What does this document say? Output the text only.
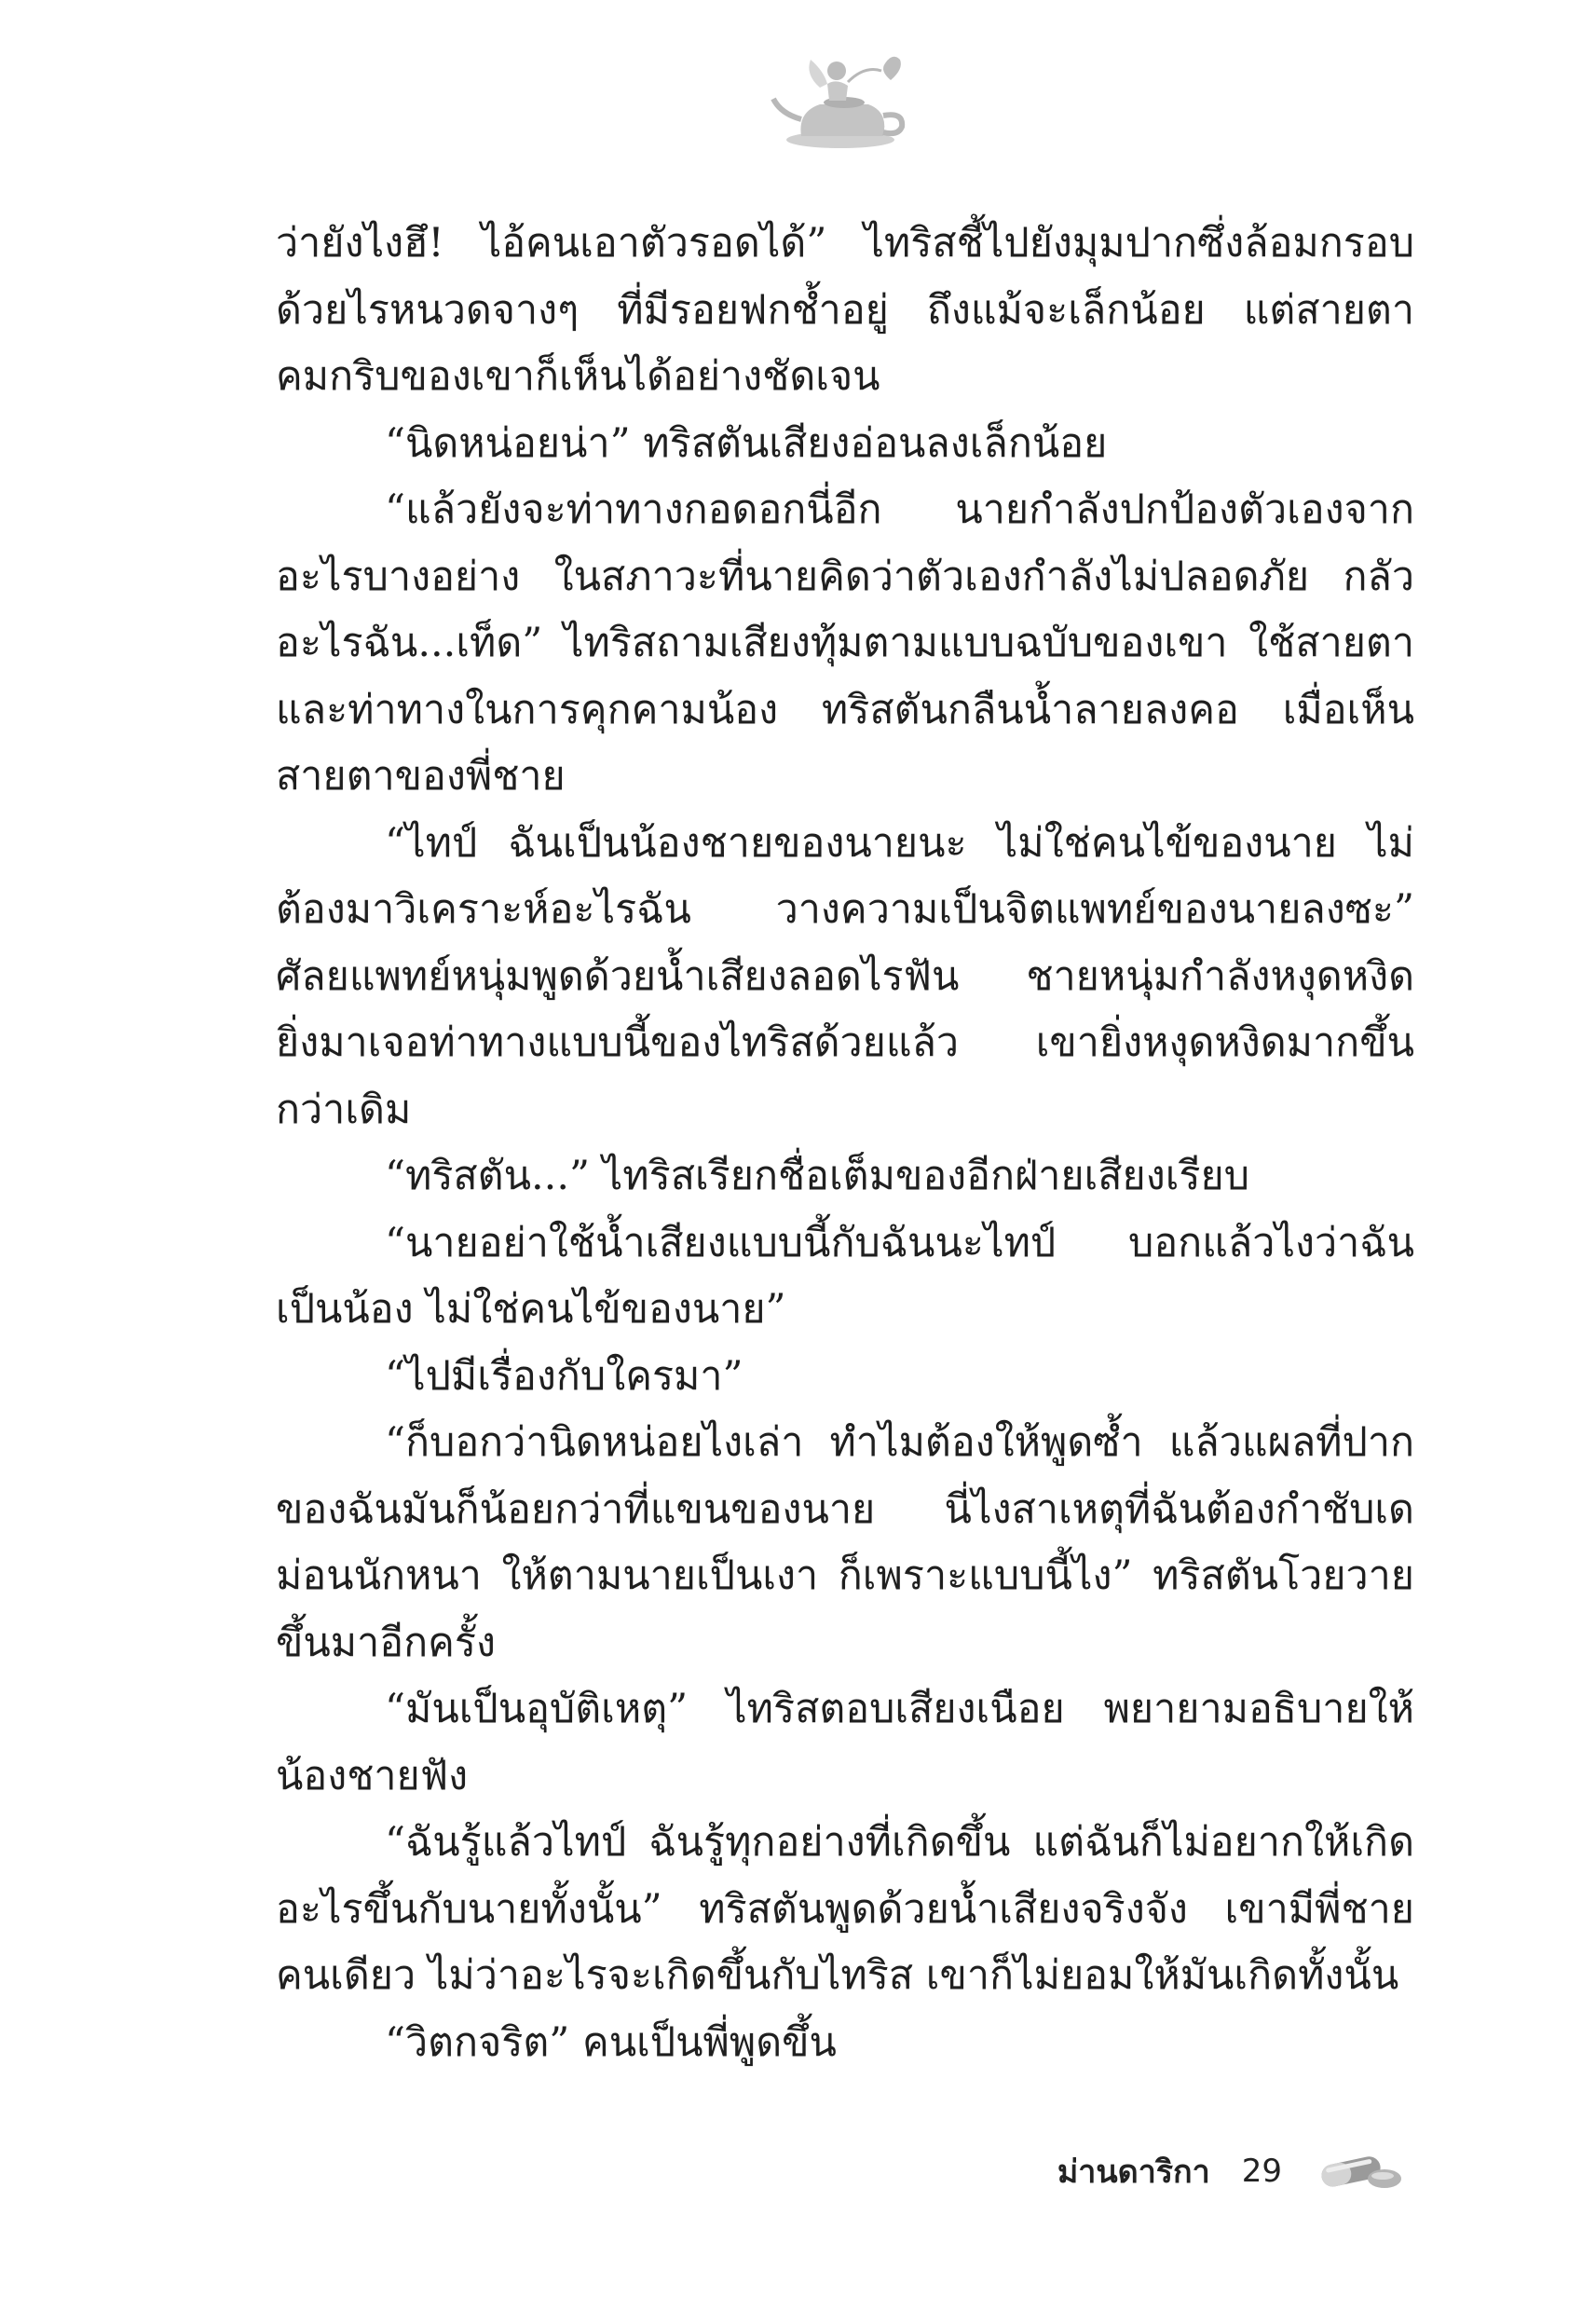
ว่ายังไงฮึ! ไอ้คนเอาตัวรอดได้” ไทริสชี้ไปยังมุมปากซึ่งล้อมกรอบด้วยไรหนวดจางๆ ที่มีรอยฟกช้ำอยู่ ถึงแม้จะเล็กน้อย แต่สายตาคมกริบของเขาก็เห็นได้อย่างชัดเจน

“นิดหน่อยน่า” ทริสตันเสียงอ่อนลงเล็กน้อย

“แล้วยังจะท่าทางกอดอกนี่อีก นายกำลังปกป้องตัวเองจากอะไรบางอย่าง ในสภาวะที่นายคิดว่าตัวเองกำลังไม่ปลอดภัย กลัวอะไรฉัน...เท็ด” ไทริสถามเสียงทุ้มตามแบบฉบับของเขา ใช้สายตาและท่าทางในการคุกคามน้อง ทริสตันกลืนน้ำลายลงคอ เมื่อเห็นสายตาของพี่ชาย

“ไทป์ ฉันเป็นน้องชายของนายนะ ไม่ใช่คนไข้ของนาย ไม่ต้องมาวิเคราะห์อะไรฉัน วางความเป็นจิตแพทย์ของนายลงซะ” ศัลยแพทย์หนุ่มพูดด้วยน้ำเสียงลอดไรฟัน ชายหนุ่มกำลังหงุดหงิด ยิ่งมาเจอท่าทางแบบนี้ของไทริสด้วยแล้ว เขายิ่งหงุดหงิดมากขึ้นกว่าเดิม

“ทริสตัน...” ไทริสเรียกชื่อเต็มของอีกฝ่ายเสียงเรียบ

“นายอย่าใช้น้ำเสียงแบบนี้กับฉันนะไทป์ บอกแล้วไงว่าฉันเป็นน้อง ไม่ใช่คนไข้ของนาย”

“ไปมีเรื่องกับใครมา”

“ก็บอกว่านิดหน่อยไงเล่า ทำไมต้องให้พูดซ้ำ แล้วแผลที่ปากของฉันมันก็น้อยกว่าที่แขนของนาย นี่ไงสาเหตุที่ฉันต้องกำชับเดม่อนนักหนา ให้ตามนายเป็นเงา ก็เพราะแบบนี้ไง” ทริสตันโวยวายขึ้นมาอีกครั้ง

“มันเป็นอุบัติเหตุ” ไทริสตอบเสียงเนือย พยายามอธิบายให้น้องชายฟัง

“ฉันรู้แล้วไทป์ ฉันรู้ทุกอย่างที่เกิดขึ้น แต่ฉันก็ไม่อยากให้เกิดอะไรขึ้นกับนายทั้งนั้น” ทริสตันพูดด้วยน้ำเสียงจริงจัง เขามีพี่ชายคนเดียว ไม่ว่าอะไรจะเกิดขึ้นกับไทริส เขาก็ไม่ยอมให้มันเกิดทั้งนั้น

“วิตกจริต” คนเป็นพี่พูดขึ้น

ม่านดาริกา 29
